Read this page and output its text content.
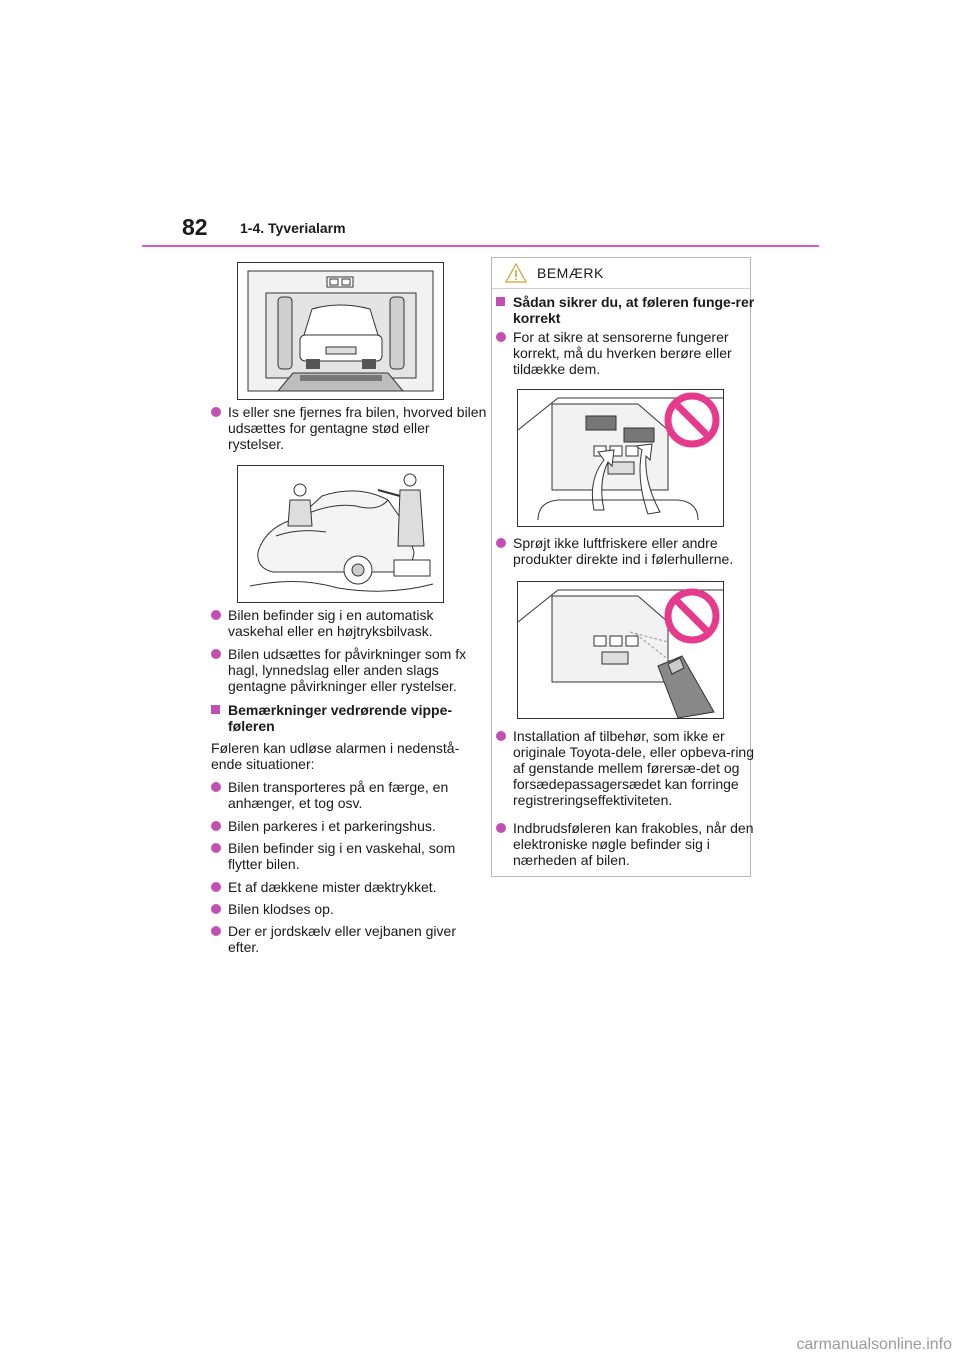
82 1-4. Tyverialarm
Is eller sne fjernes fra bilen, hvorved bilen udsættes for gentagne stød eller rystelser.
Bilen befinder sig i en automatisk vaskehal eller en højtryksbilvask.
Bilen udsættes for påvirkninger som fx hagl, lynnedslag eller anden slags gentagne påvirkninger eller rystelser.
Bemærkninger vedrørende vippe-føleren
Føleren kan udløse alarmen i nedenstå-ende situationer:
Bilen transporteres på en færge, en anhænger, et tog osv.
Bilen parkeres i et parkeringshus.
Bilen befinder sig i en vaskehal, som flytter bilen.
Et af dækkene mister dæktrykket.
Bilen klodses op.
Der er jordskælv eller vejbanen giver efter.
BEMÆRK
Sådan sikrer du, at føleren funge-rer korrekt
For at sikre at sensorerne fungerer korrekt, må du hverken berøre eller tildække dem.
Sprøjt ikke luftfriskere eller andre produkter direkte ind i følerhullerne.
Installation af tilbehør, som ikke er originale Toyota-dele, eller opbeva-ring af genstande mellem førersæ-det og forsædepassagersædet kan forringe registreringseffektiviteten.
Indbrudsføleren kan frakobles, når den elektroniske nøgle befinder sig i nærheden af bilen.
carmanualsonline.info
